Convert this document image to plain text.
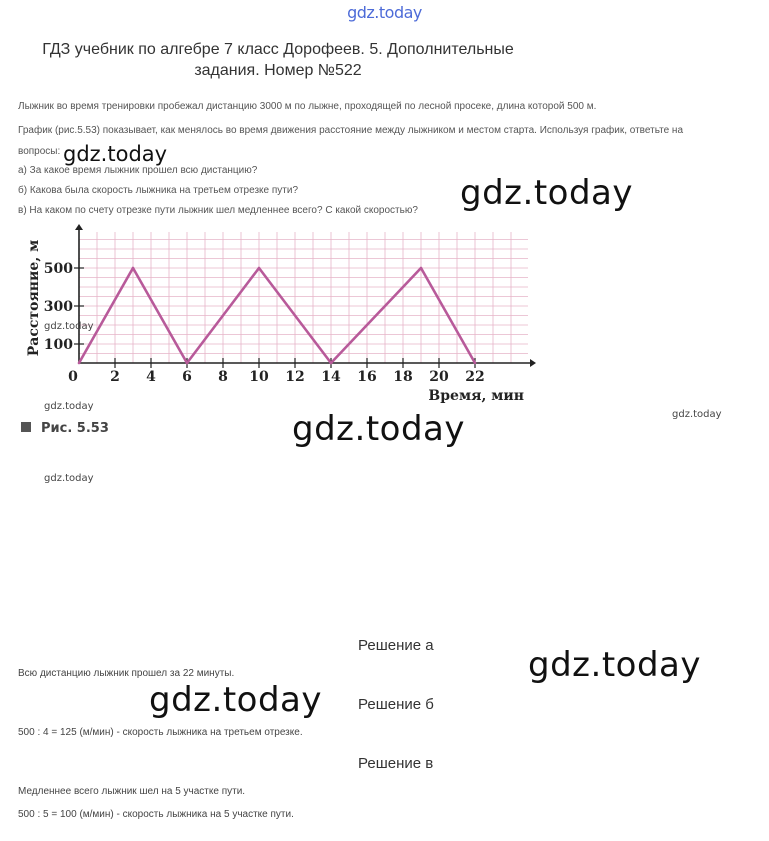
gdz.today
ГДЗ учебник по алгебре 7 класс Дорофеев. 5. Дополнительные
задания. Номер №522
Лыжник во время тренировки пробежал дистанцию 3000 м по лыжне, проходящей по лесной просеке, длина которой 500 м.
График (рис.5.53) показывает, как менялось во время движения расстояние между лыжником и местом старта. Используя график, ответьте на
вопросы:
а) За какое время лыжник прошел всю дистанцию?
б) Какова была скорость лыжника на третьем отрезке пути?
в) На каком по счету отрезке пути лыжник шел медленнее всего? С какой скоростью?
0 2 4 6 8 10 12 14 16 18 20 22
100
300
500
Расстояние, м
Время, мин
Рис. 5.53
Решение а
Всю дистанцию лыжник прошел за 22 минуты.
Решение б
500 : 4 = 125 (м/мин) - скорость лыжника на третьем отрезке.
Решение в
Медленнее всего лыжник шел на 5 участке пути.
500 : 5 = 100 (м/мин) - скорость лыжника на 5 участке пути.
gdz.today
gdz.today
gdz.today
gdz.today
gdz.today	gdz.today
gdz.today
gdz.today
gdz.today
